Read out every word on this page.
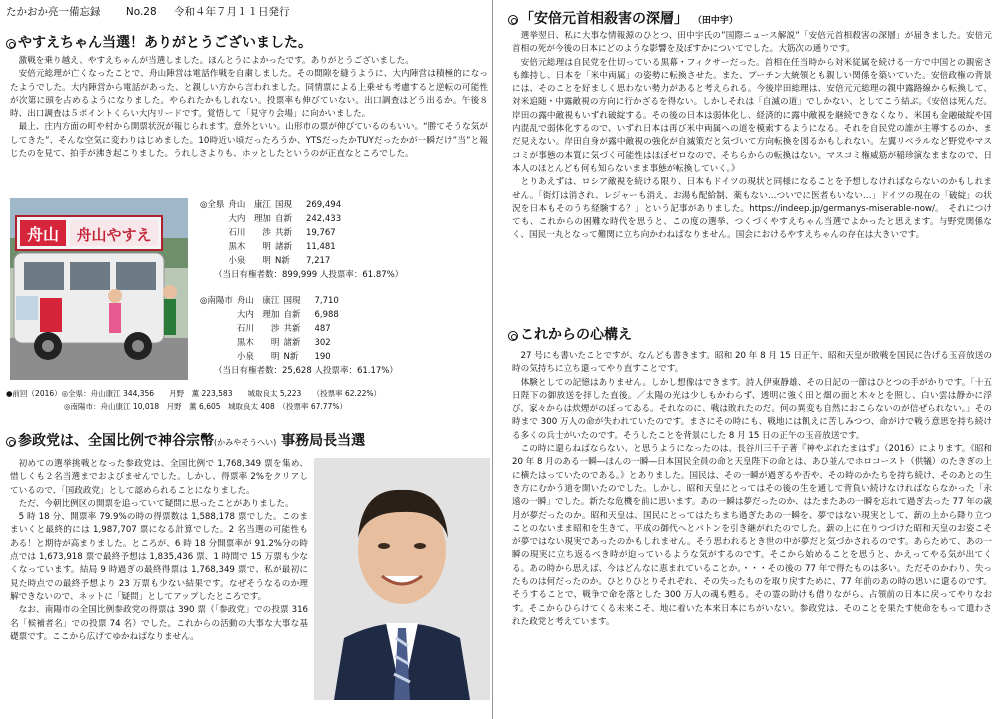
たかおか亮一備忘録 No.28 令和４年７月１１日発行
やすえちゃん当選！ありがとうございました。
激戦を乗り越え、やすえちゃんが当選しました。ほんとうによかったです。ありがとうございました。
安倍元総理が亡くなったことで、舟山陣営は電話作戦を自粛しました。その間隙を縫うように、大内陣営は積極的になったようでした。大内陣営から電話があった、と親しい方から言われました。同情票による上乗せも考慮すると逆転の可能性が次第に頭を占めるようになりました。やられたかもしれない。投票率も伸びていない。出口調査はどう出るか。午後８時、出口調査は５ポイントくらい大内リードです。覚悟して「見守り会場」に向かいました。
最上、庄内方面の町や村から開票状況が報じられます。意外といい。山形市の票が伸びているのもいい。“勝てそうな気がしてきた”、そんな空気に変わりはじめました。10時近い頃だったろうか、YTSだったかTUYだったかが一瞬だけ”当”と報じたのを見て、拍手が沸き起こりました。うれしさよりも、ホッとしたというのが正直なところでした。
舟山 舟山やすえ
◎全県	舟山　康江	国現	269,494
	大内　理加	自新	242,433
	石川　　渉	共新	19,767
	黒木　　明	諸新	11,481
	小泉　　明	N新	7,217
（当日有権者数：899,999 人投票率：61.87%）
◎南陽市	舟山　康江	国現	7,710
	大内　理加	自新	6,988
	石川　　渉	共新	487
	黒木　　明	諸新	302
	小泉　　明	N新	190
（当日有権者数：25,628 人投票率：61.17%）
●前回（2016）◎全県：舟山康江 344,356　　月野　薫 223,583　　城取良太 5,223　　（投票率 62.22%）
◎南陽市：舟山康江 10,018　月野　薫 6,605　城取良太 408　（投票率 67.77%）
参政党は、全国比例で神谷宗幣(かみやそうへい) 事務局長当選
初めての選挙挑戦となった参政党は、全国比例で 1,768,349 票を集め、惜しくも２名当選までおよびませんでした。しかし、得票率 2%をクリアしているので、「国政政党」として認められることになりました。
ただ、今朝比例区の開票を追っていて疑問に思ったことがありました。
5 時 18 分、開票率 79.9%の時の得票数は 1,588,178 票でした。このままいくと最終的には 1,987,707 票になる計算でした。2 名当選の可能性もある！と期待が高まりました。ところが、6 時 18 分開票率が 91.2%分の時点では 1,673,918 票で最終予想は 1,835,436 票、1 時間で 15 万票も少なくなっています。結局 9 時過ぎの最終得票は 1,768,349 票で、私が最初に見た時点での最終予想より 23 万票も少ない結果です。なぜそうなるのか理解できないので、ネットに「疑問」としてアップしたところです。
なお、南陽市の全国比例参政党の得票は 390 票（「参政党」での投票 316 名「候補者名」での投票 74 名）でした。これからの活動の大事な大事な基礎票です。ここから広げてゆかねばなりません。
「安倍元首相殺害の深層」 （田中宇）
選挙翌日、私に大事な情報源のひとつ、田中宇氏の”国際ニュース解説”「安倍元首相殺害の深層」が届きました。安倍元首相の死が今後の日本にどのような影響を及ぼすかについてでした。大筋次の通りです。
安倍元総理は自民党を仕切っている黒幕・フィクサーだった。首相在任当時から対米従属を続ける一方で中国との親密さも維持し、日本を「米中両属」の姿勢に転換させた。また、プーチン大統領とも親しい関係を築いていた。安倍政権の背景には、そのことを好ましく思わない勢力があると考えられる。今後岸田総理は、安倍元元総理の親中露路線から転換して、対米追随・中露敵視の方向に行かざるを得ない。しかしそれは「自滅の道」でしかない、としてこう結ぶ。《安倍は死んだ。岸田の露中敵視もいずれ破綻する。その後の日本は弱体化し、経済的に露中敵視を継続できなくなり、米国も金融破綻や国内混乱で弱体化するので、いずれ日本は再び米中両属への道を模索するようになる。それを自民党の誰が主導するのか、まだ見えない。岸田自身が露中敵視の強化が自滅策だと気づいて方向転換を図るかもしれない。左翼リベラルなど野党やマスコミが事態の本質に気づく可能性はほぼゼロなので、そちらからの転換はない。マスコミ権威筋が稲珍演なままなので、日本人のほとんども何も知らないまま事態が転換していく。》
とりあえずは、ロシア敵視を続ける限り、日本もドイツの現状と同様になることを予想しなければならないのかもしれません。「街灯は消され、レジャーも消え、お湯も配給制、薬もない…ついでに医者もいない…」ドイツの現在の「破綻」の状況を日本もそのうち経験する？」という記事がありました。https://indeep.jp/germanys-miserable-now/。　それにつけても、これからの困難な時代を思うと、この度の選挙、つくづくやすえちゃん当選でよかったと思えます。与野党関係なく、国民一丸となって難関に立ち向かわねばなりません。国会におけるやすえちゃんの存在は大きいです。
これからの心構え
27 号にも書いたことですが、なんども書きます。昭和 20 年 8 月 15 日正午、昭和天皇が敗戦を国民に告げる玉音放送の時の気持ちに立ち還ってやり直すことです。
体験としての記憶はありません。しかし想像はできます。詩人伊東静雄、その日記の一節はひとつの手がかりです。「十五日陛下の御放送を拝した直後。／太陽の光は少しもかわらず、透明に強く田と畑の面と木々とを照し、白い雲は静かに浮び、家々からは炊煙がのぼってゐる。それなのに、戦は敗れたのだ。何の異変も自然におこらないのが信ぜられない。」その時まで 300 万人の命が失われていたのです。まさにその時にも、戦地には飢えに苦しみつつ、命がけで戦う意思を持ち続ける多くの兵士がいたのです。そうしたことを背景にした 8 月 15 日の正午の玉音放送です。
この時に還らねばならない、と思うようになったのは、長谷川三千子著『神やぶれたまはず』（2016）によります。《昭和 20 年 8 月のある一瞬―ほんの一瞬―日本国民全員の命と天皇陛下の命とは、あひ並んでホロコースト（供犠）のたきぎの上に横たはっていたのである。》とありました。国民は、その一瞬が過ぎるや否や、その時のかたちを持ち続け、そのあとの生き方にむかう道を開いたのでした。しかし、昭和天皇にとってはその後の生を通して背負い続けなければならなかった「永遠の一瞬」でした。新たな危機を前に思います。あの一瞬は夢だったのか、はたまたあの一瞬を忘れて過ぎ去った 77 年の歳月が夢だったのか。昭和天皇は、国民にとってはたちまち過ぎたあの一瞬を、夢ではない現実として、薪の上から降り立つことのないまま昭和を生きて、平成の御代へとバトンを引き継がれたのでした。薪の上に在りつづけた昭和天皇のお姿こそが夢ではない現実であったのかもしれません。そう思われるとき世の中が夢だと気づかされるのです。あらためて、あの一瞬の現実に立ち返るべき時が迫っているような気がするのです。そこから始めることを思うと、かえってやる気が出てくる。あの時から思えば、今はどんなに恵まれていることか。・・・その後の 77 年で得たものは多い。ただそのかわり、失ったものは何だったのか。ひとりひとりそれぞれ、その失ったものを取り戻すために、77 年前のあの時の思いに還るのです。そうすることで、戦争で命を落とした 300 万人の魂も甦る。その霊の助けも借りながら、占領前の日本に戻ってやりなおす。そこからひらけてくる未来こそ、地に着いた本来日本にちがいない。参政党は、そのことを果たす使命をもって遣わされた政党と考えています。
